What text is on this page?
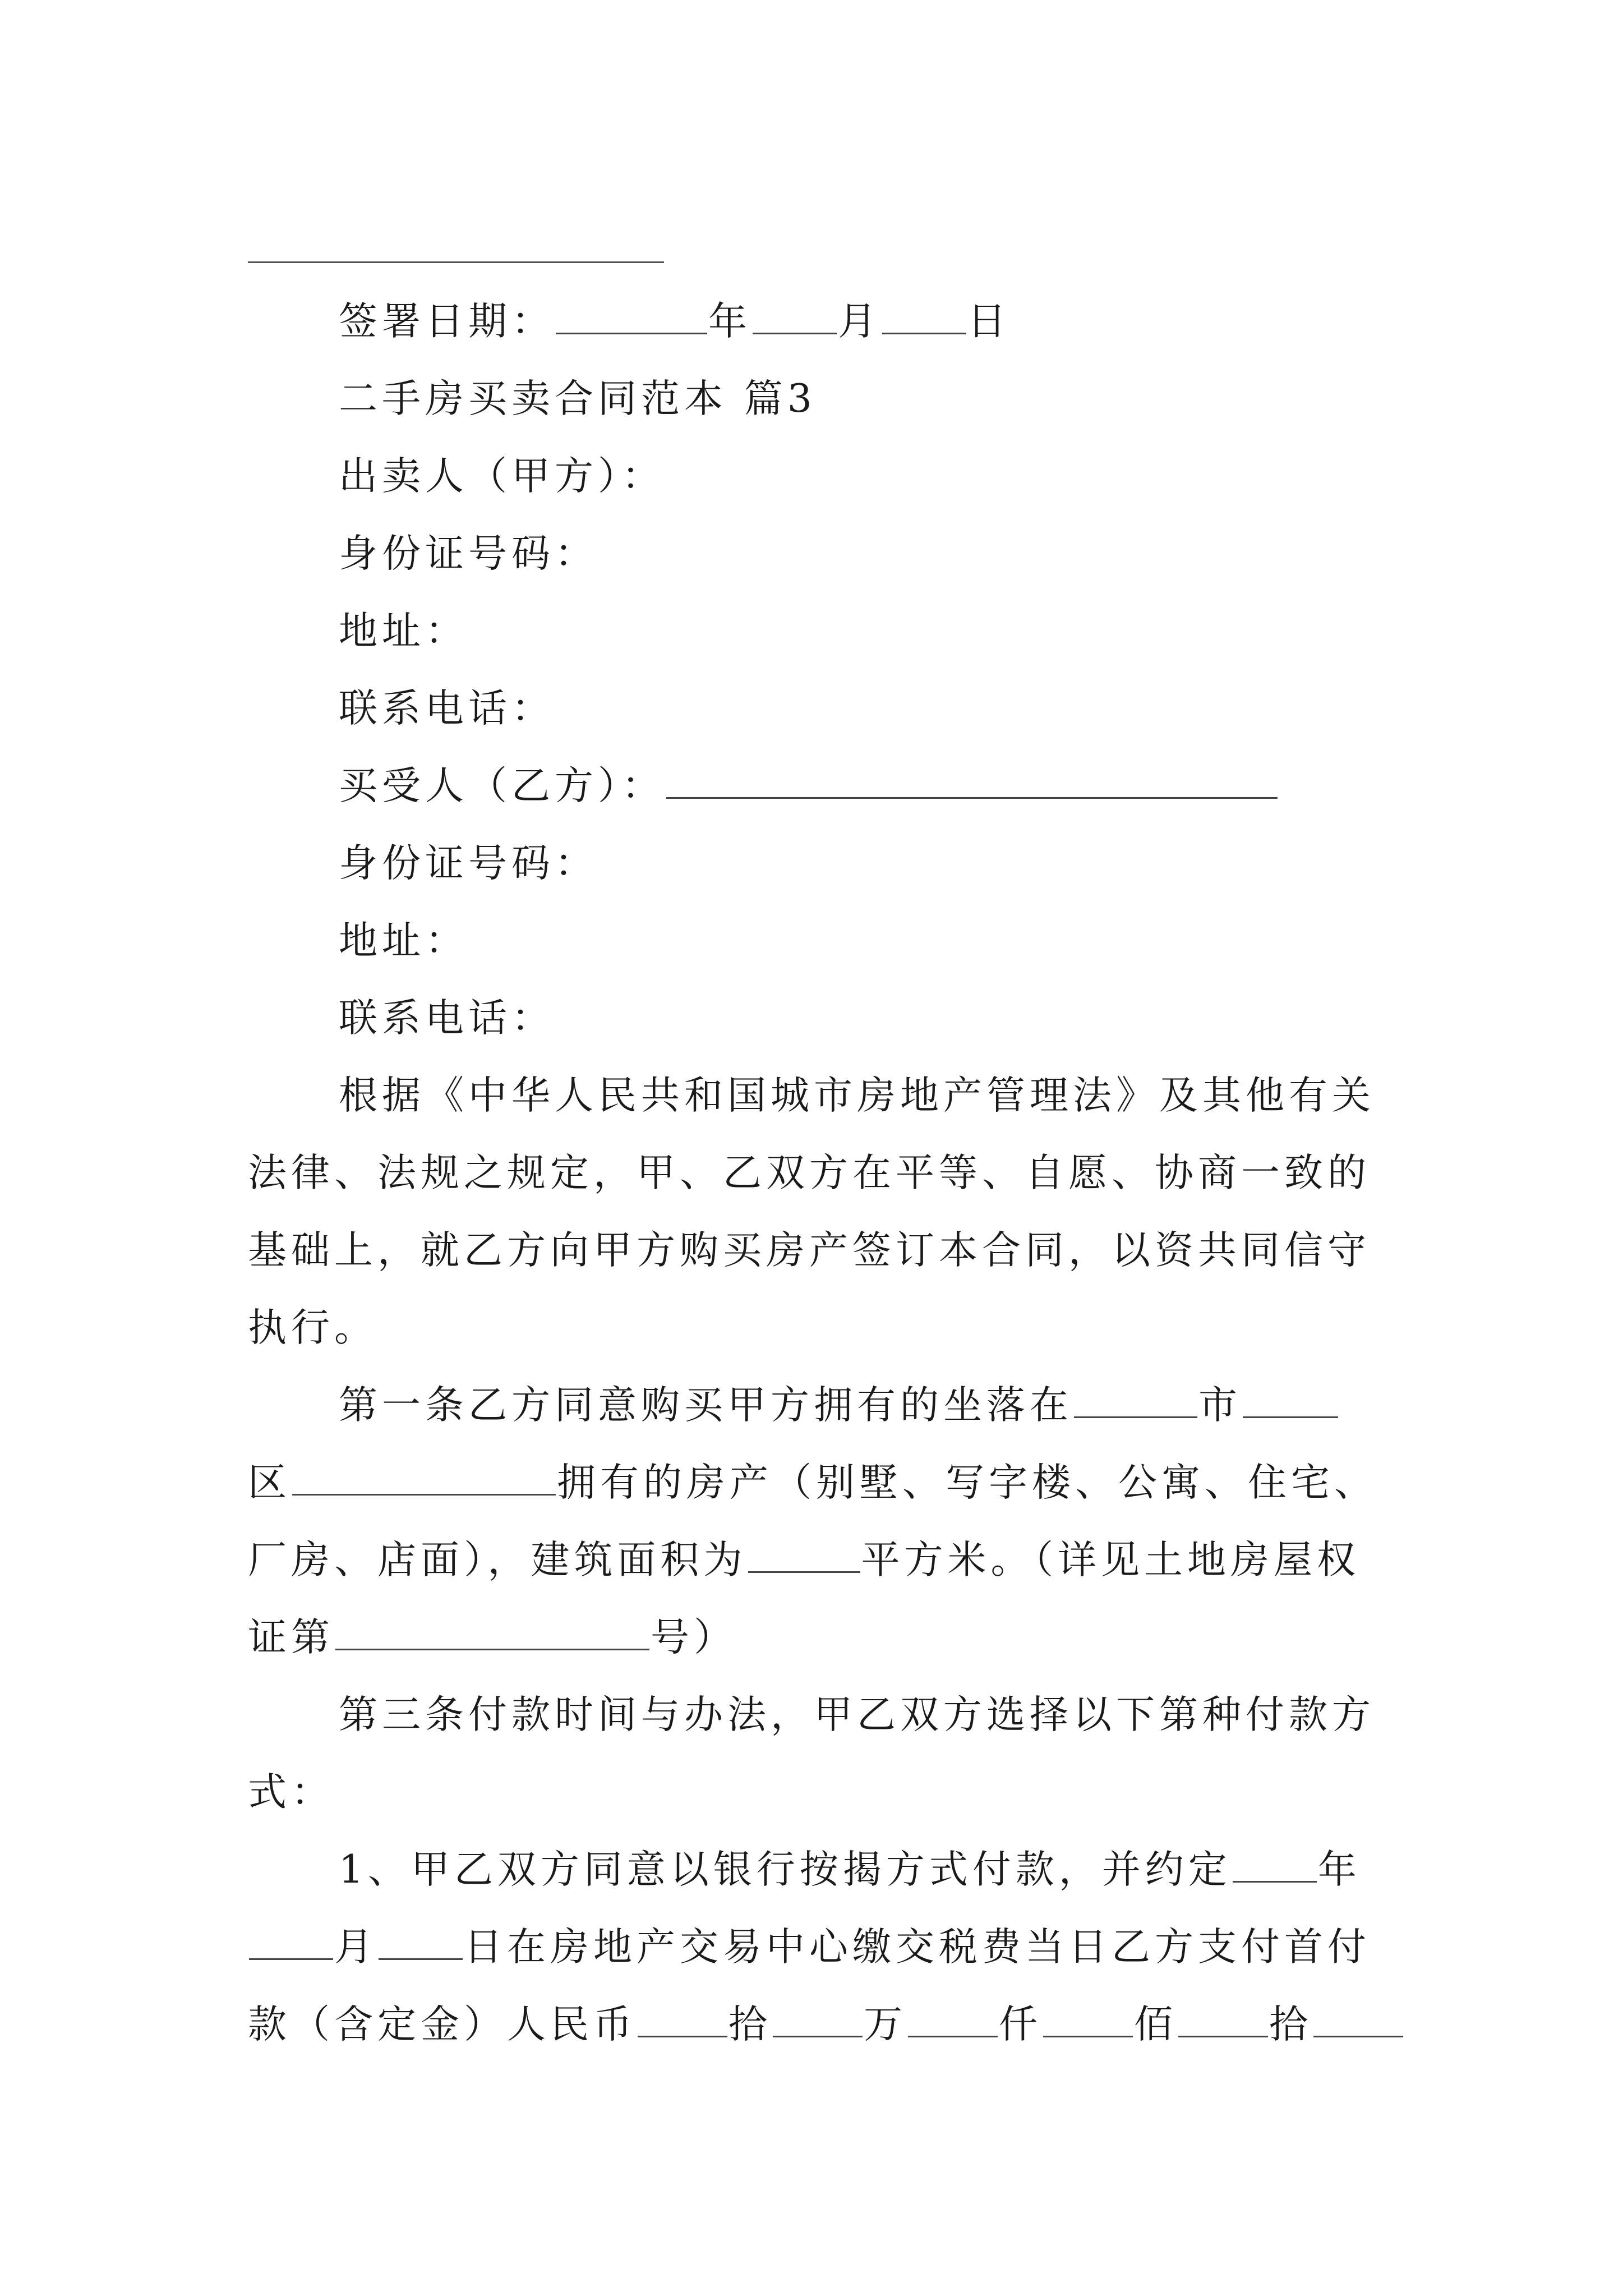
签署日期：	年 月 日
二手房买卖合同范本 篇3
出卖人（甲方）：
身份证号码：
地址：
联系电话：
买受人（乙方）：
身份证号码：
地址：
联系电话：
根据《中华人民共和国城市房地产管理法》及其他有关
法律、法规之规定，甲、乙双方在平等、自愿、协商一致的
基础上，就乙方向甲方购买房产签订本合同，以资共同信守
执行。
第一条乙方同意购买甲方拥有的坐落在	市
区	拥有的房产（别墅、写字楼、公寓、住宅、
厂房、店面），建筑面积为	平方米。（详见土地房屋权
证第	号）
第三条付款时间与办法，甲乙双方选择以下第种付款方
式：
1、甲乙双方同意以银行按揭方式付款，并约定 年
月 日在房地产交易中心缴交税费当日乙方支付首付
款（含定金）人民币 拾 万 仟 佰 拾
